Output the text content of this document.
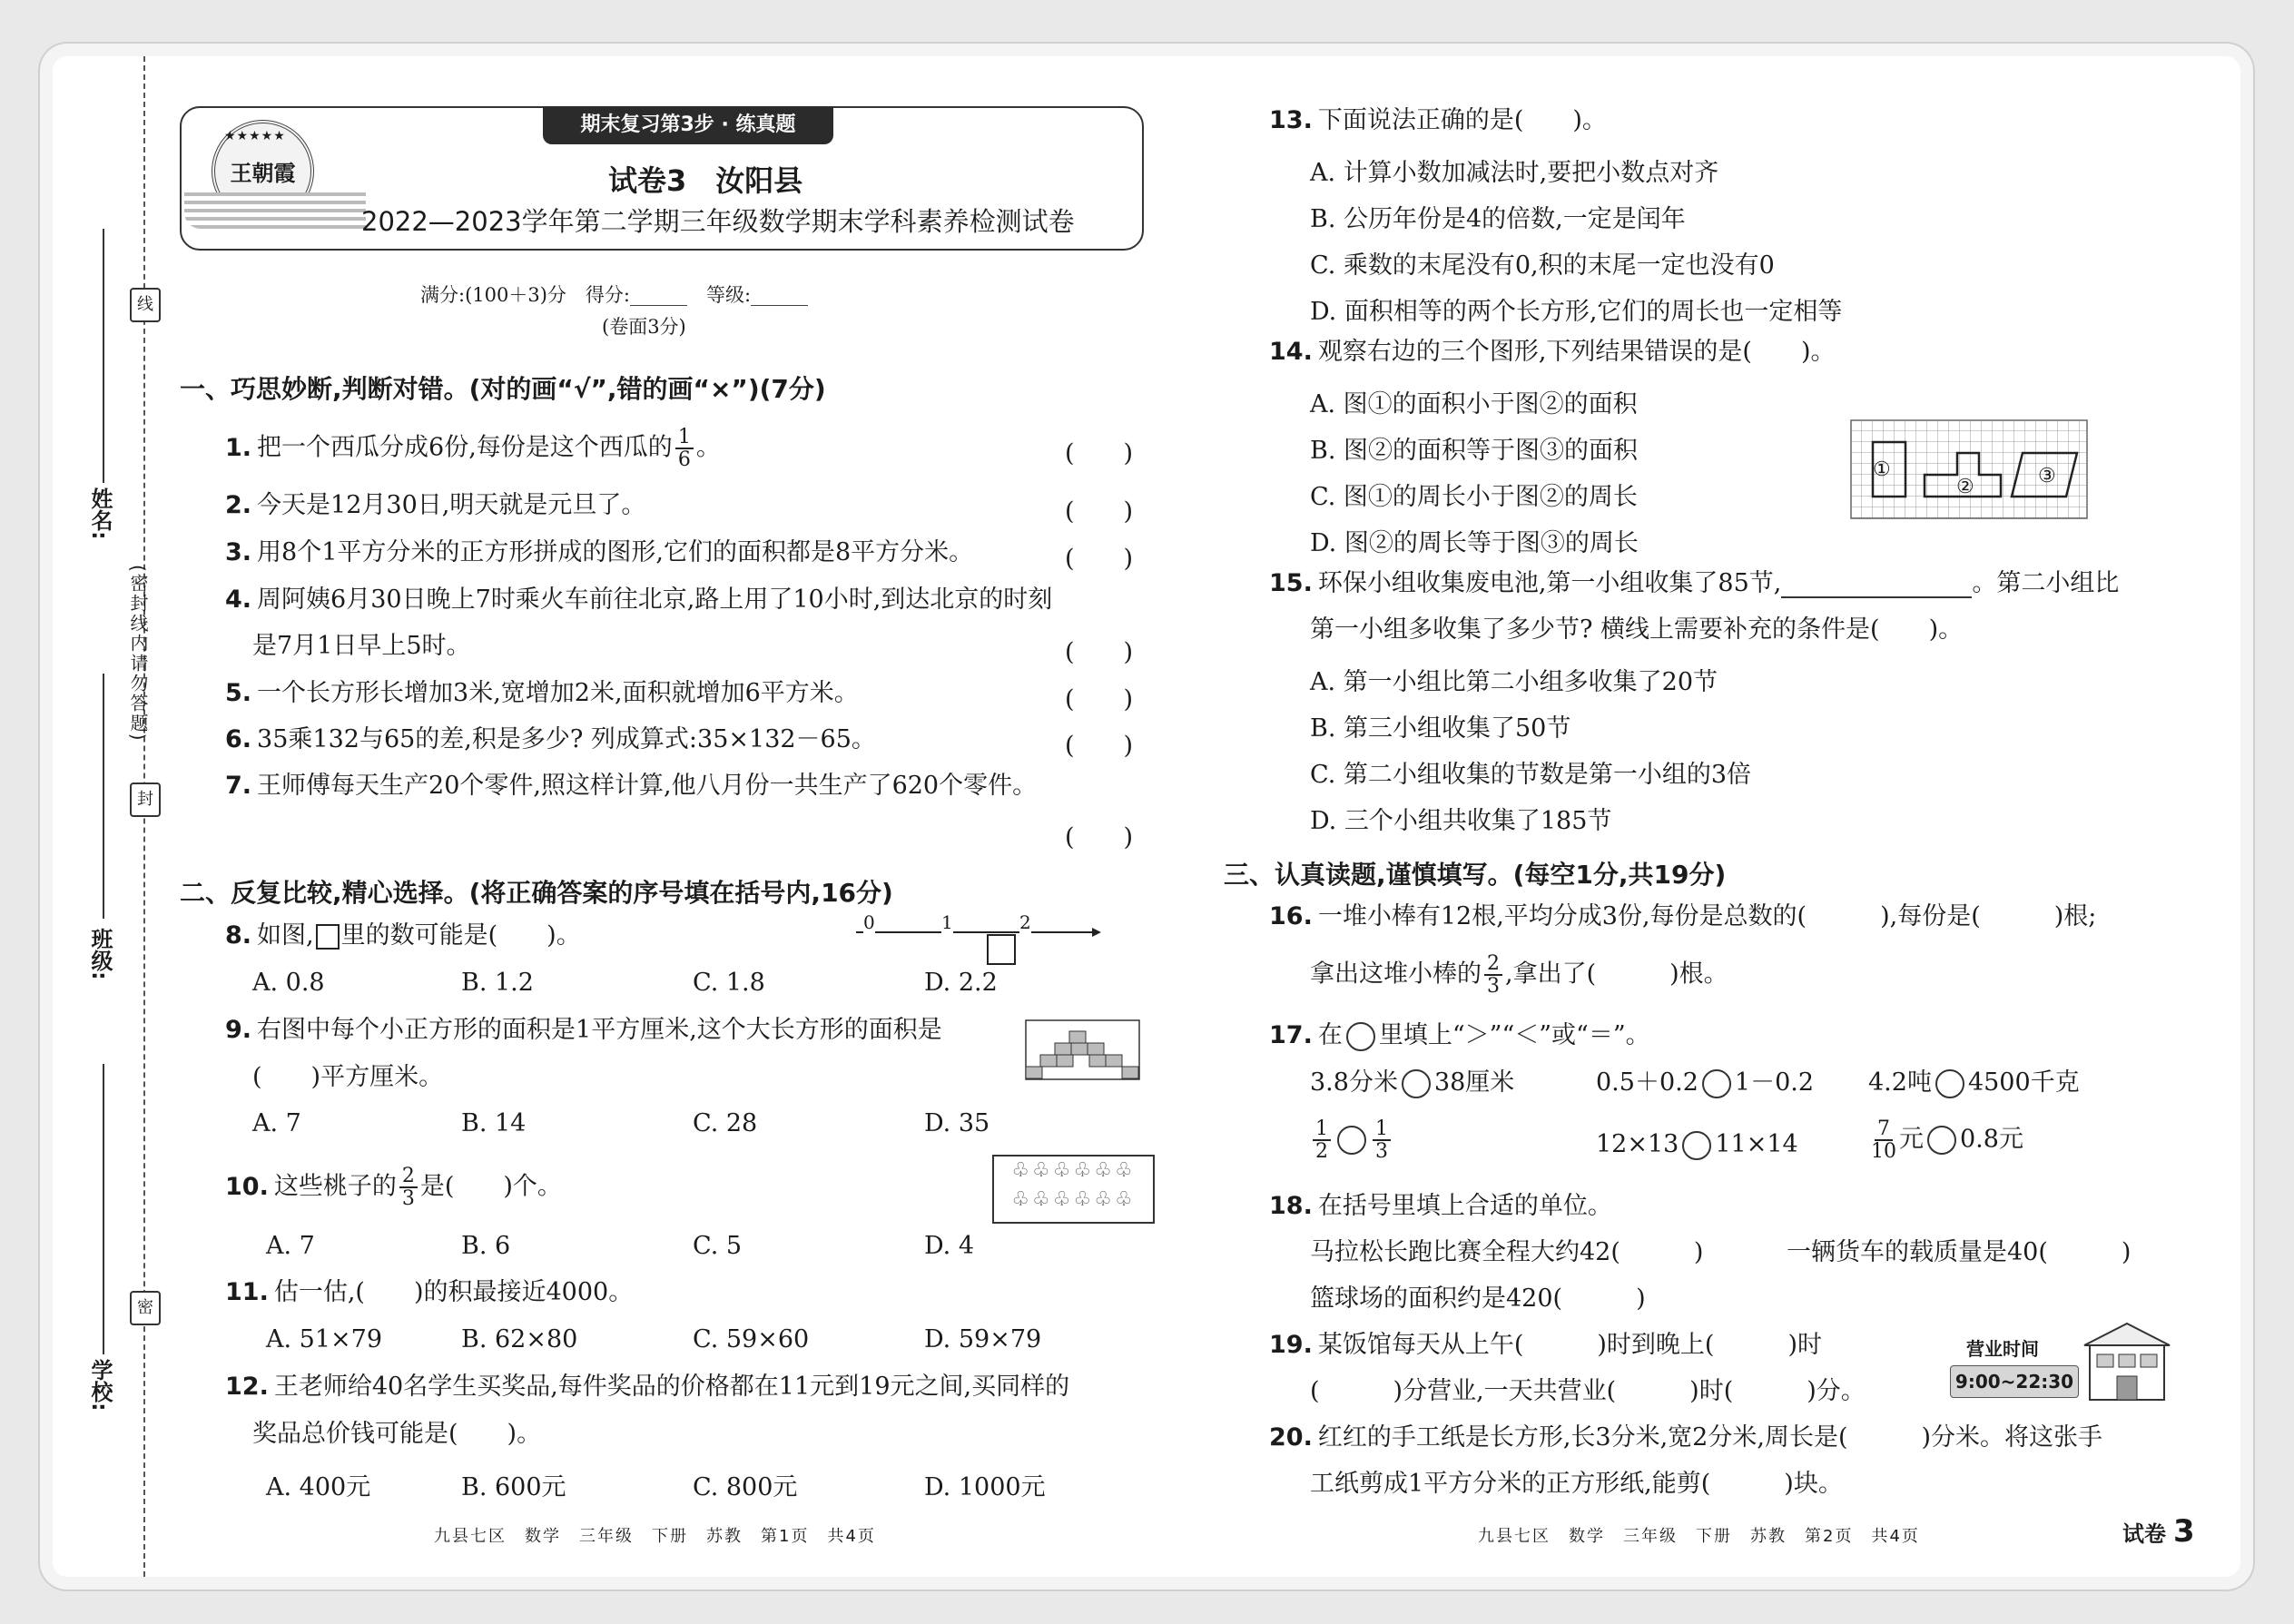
线
封
密
(密封线内请勿答题)
姓名:
班级:
学校:
期末复习第3步 · 练真题
★★★★★
王朝霞	试卷3　汝阳县
2022—2023学年第二学期三年级数学期末学科素养检测试卷
满分:(100＋3)分　得分:______　等级:______
(卷面3分)
一、巧思妙断,判断对错。(对的画“√”,错的画“×”)(7分)
1. 把一个西瓜分成6份,每份是这个西瓜的 $\frac{1}{6}$ 。	(　　)
2. 今天是12月30日,明天就是元旦了。	(　　)
3. 用8个1平方分米的正方形拼成的图形,它们的面积都是8平方分米。	(　　)
4. 周阿姨6月30日晚上7时乘火车前往北京,路上用了10小时,到达北京的时刻
是7月1日早上5时。	(　　)
5. 一个长方形长增加3米,宽增加2米,面积就增加6平方米。	(　　)
6. 35乘132与65的差,积是多少? 列成算式:35×132－65。	(　　)
7. 王师傅每天生产20个零件,照这样计算,他八月份一共生产了620个零件。
(　　)
二、反复比较,精心选择。(将正确答案的序号填在括号内,16分)
8. 如图, 里的数可能是(　　)。	0	1	2
A. 0.8	B. 1.2	C. 1.8	D. 2.2
9. 右图中每个小正方形的面积是1平方厘米,这个大长方形的面积是
(　　)平方厘米。
A. 7	B. 14	C. 28	D. 35
10. 这些桃子的 $\frac{2}{3}$ 是(　　)个。
♧♧♧♧♧♧
♧♧♧♧♧♧
A. 7	B. 6	C. 5	D. 4
11. 估一估,(　　)的积最接近4000。
A. 51×79	B. 62×80	C. 59×60	D. 59×79
12. 王老师给40名学生买奖品,每件奖品的价格都在11元到19元之间,买同样的
奖品总价钱可能是(　　)。
A. 400元	B. 600元	C. 800元	D. 1000元
九县七区　数学　三年级　下册　苏教　第1页　共4页
13. 下面说法正确的是(　　)。
A. 计算小数加减法时,要把小数点对齐
B. 公历年份是4的倍数,一定是闰年
C. 乘数的末尾没有0,积的末尾一定也没有0
D. 面积相等的两个长方形,它们的周长也一定相等
14. 观察右边的三个图形,下列结果错误的是(　　)。
A. 图①的面积小于图②的面积
B. 图②的面积等于图③的面积
C. 图①的周长小于图②的周长
D. 图②的周长等于图③的周长
①
②	③
15. 环保小组收集废电池,第一小组收集了85节,	。第二小组比
第一小组多收集了多少节? 横线上需要补充的条件是(　　)。
A. 第一小组比第二小组多收集了20节
B. 第三小组收集了50节
C. 第二小组收集的节数是第一小组的3倍
D. 三个小组共收集了185节
三、认真读题,谨慎填写。(每空1分,共19分)
16. 一堆小棒有12根,平均分成3份,每份是总数的(　　　),每份是(　　　)根;
拿出这堆小棒的 $\frac{2}{3}$ ,拿出了(　　　)根。
17. 在 里填上“＞”“＜”或“＝”。
3.8分米 38厘米	0.5＋0.2 1－0.2 4.2吨 4500千克
$\frac{1}{2} \frac{1}{3}$	12×13 11×14	$\frac{7}{10}$ 元 0.8元
18. 在括号里填上合适的单位。
马拉松长跑比赛全程大约42(　　　)	一辆货车的载质量是40(　　　)
篮球场的面积约是420(　　　)
19. 某饭馆每天从上午(　　　)时到晚上(　　　)时
(　　　)分营业,一天共营业(　　　)时(　　　)分。
营业时间
9:00~22:30
20. 红红的手工纸是长方形,长3分米,宽2分米,周长是(　　　)分米。将这张手
工纸剪成1平方分米的正方形纸,能剪(　　　)块。
九县七区　数学　三年级　下册　苏教　第2页　共4页	试卷 3
